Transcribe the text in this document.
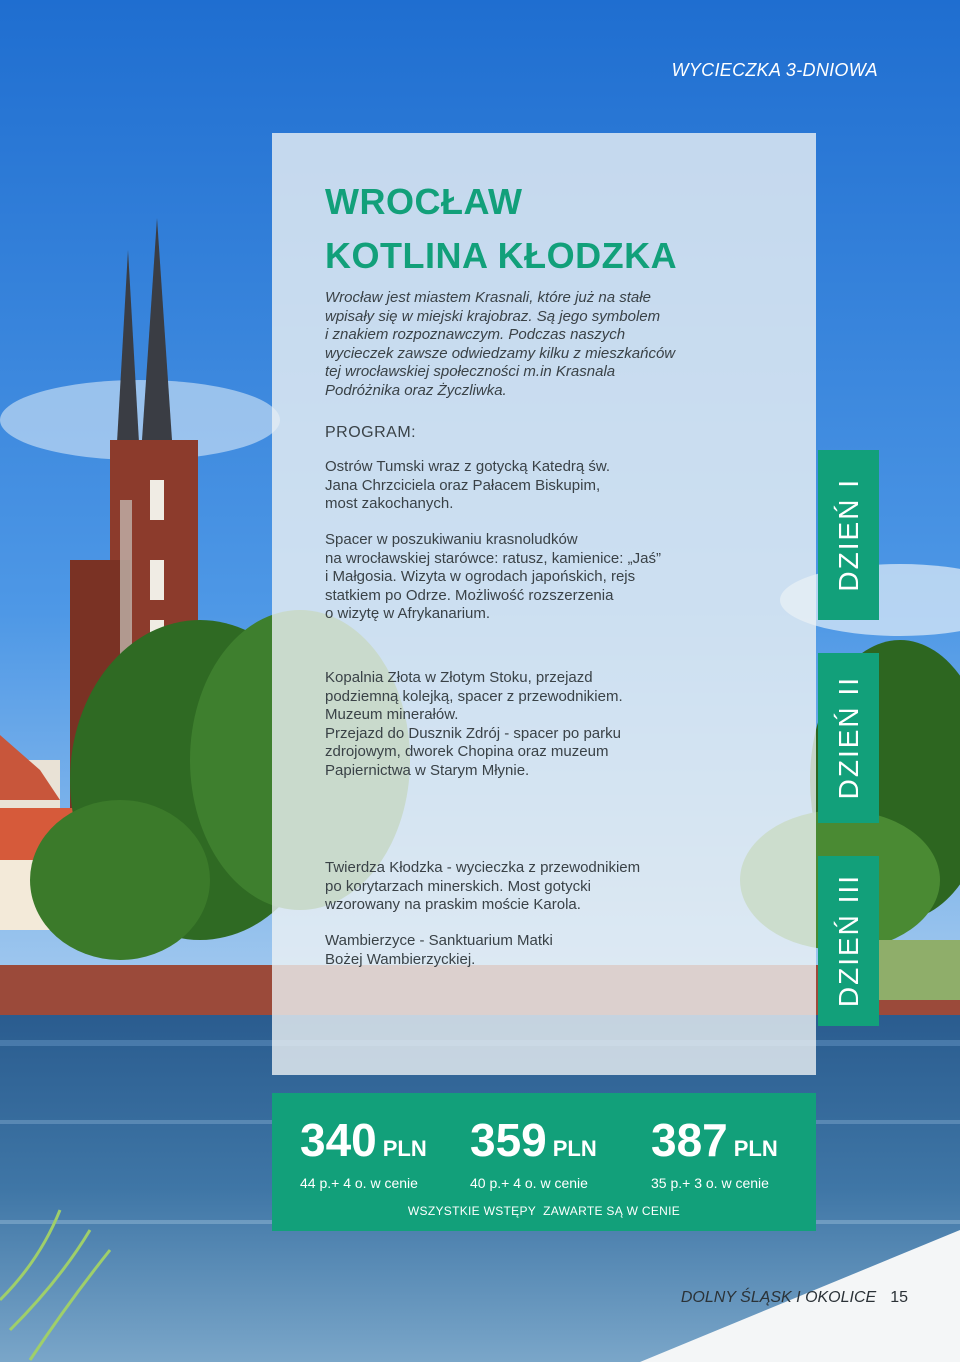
WYCIECZKA 3-DNIOWA
WROCŁAW
KOTLINA KŁODZKA
Wrocław jest miastem Krasnali, które już na stałe
wpisały się w miejski krajobraz. Są jego symbolem
i znakiem rozpoznawczym. Podczas naszych
wycieczek zawsze odwiedzamy kilku z mieszkańców
tej wrocławskiej społeczności m.in Krasnala
Podróżnika oraz Życzliwka.
PROGRAM:
Ostrów Tumski wraz z gotycką Katedrą św.
Jana Chrzciciela oraz Pałacem Biskupim,
most zakochanych.
Spacer w poszukiwaniu krasnoludków
na wrocławskiej starówce: ratusz, kamienice: „Jaś”
i Małgosia. Wizyta w ogrodach japońskich, rejs
statkiem po Odrze. Możliwość rozszerzenia
o wizytę w Afrykanarium.
Kopalnia Złota w Złotym Stoku, przejazd
podziemną kolejką, spacer z przewodnikiem.
Muzeum minerałów.
Przejazd do Dusznik Zdrój - spacer po parku
zdrojowym, dworek Chopina oraz muzeum
Papiernictwa w Starym Młynie.
Twierdza Kłodzka - wycieczka z przewodnikiem
po korytarzach minerskich. Most gotycki
wzorowany na praskim moście Karola.
Wambierzyce - Sanktuarium Matki
Bożej Wambierzyckiej.
DZIEŃ I
DZIEŃ II
DZIEŃ III
340 PLN
44 p.+ 4 o. w cenie
359 PLN
40 p.+ 4 o. w cenie
387 PLN
35 p.+ 3 o. w cenie
WSZYSTKIE WSTĘPY  ZAWARTE SĄ W CENIE
DOLNY ŚLĄSK I OKOLICE 15
